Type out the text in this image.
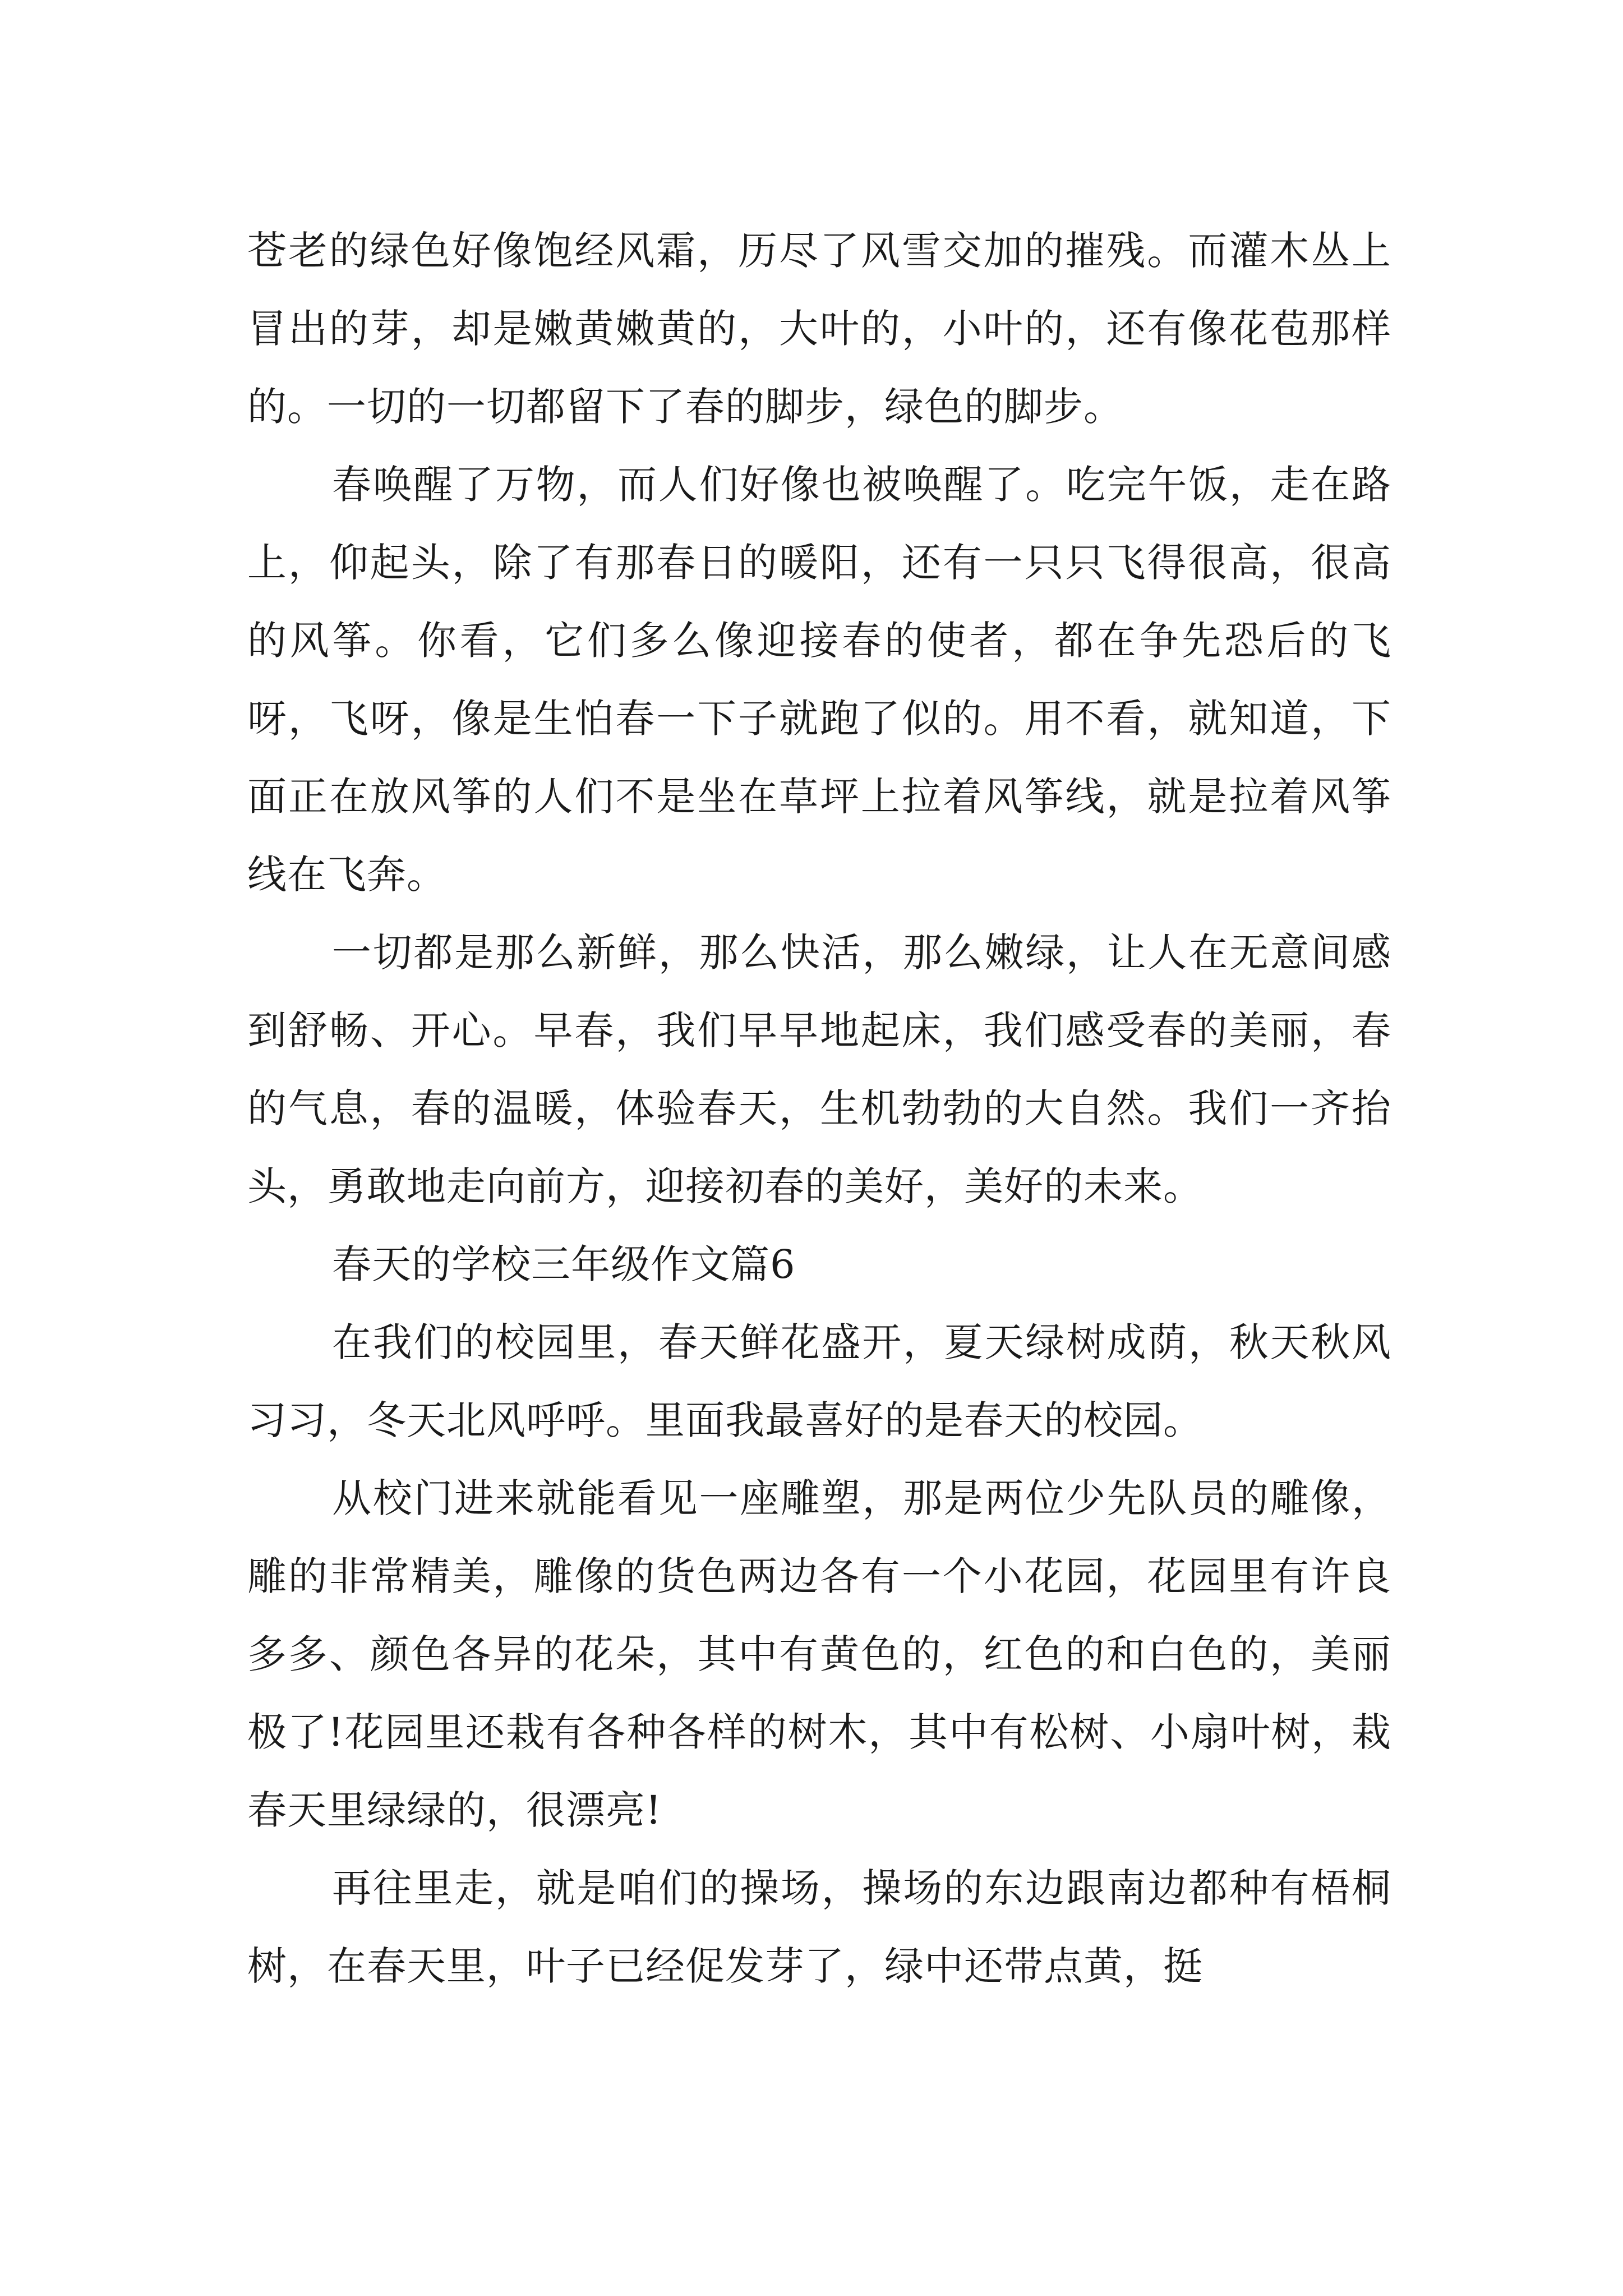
苍老的绿色好像饱经风霜，历尽了风雪交加的摧残。而灌木丛上冒出的芽，却是嫩黄嫩黄的，大叶的，小叶的，还有像花苞那样的。一切的一切都留下了春的脚步，绿色的脚步。

春唤醒了万物，而人们好像也被唤醒了。吃完午饭，走在路上，仰起头，除了有那春日的暖阳，还有一只只飞得很高，很高的风筝。你看，它们多么像迎接春的使者，都在争先恐后的飞呀，飞呀，像是生怕春一下子就跑了似的。用不看，就知道，下面正在放风筝的人们不是坐在草坪上拉着风筝线，就是拉着风筝线在飞奔。

一切都是那么新鲜，那么快活，那么嫩绿，让人在无意间感到舒畅、开心。早春，我们早早地起床，我们感受春的美丽，春的气息，春的温暖，体验春天，生机勃勃的大自然。我们一齐抬头，勇敢地走向前方，迎接初春的美好，美好的未来。

春天的学校三年级作文篇6

在我们的校园里，春天鲜花盛开，夏天绿树成荫，秋天秋风习习，冬天北风呼呼。里面我最喜好的是春天的校园。

从校门进来就能看见一座雕塑，那是两位少先队员的雕像，雕的非常精美，雕像的货色两边各有一个小花园，花园里有许良多多、颜色各异的花朵，其中有黄色的，红色的和白色的，美丽极了!花园里还栽有各种各样的树木，其中有松树、小扇叶树，栽春天里绿绿的，很漂亮!

再往里走，就是咱们的操场，操场的东边跟南边都种有梧桐树，在春天里，叶子已经促发芽了，绿中还带点黄，挺
